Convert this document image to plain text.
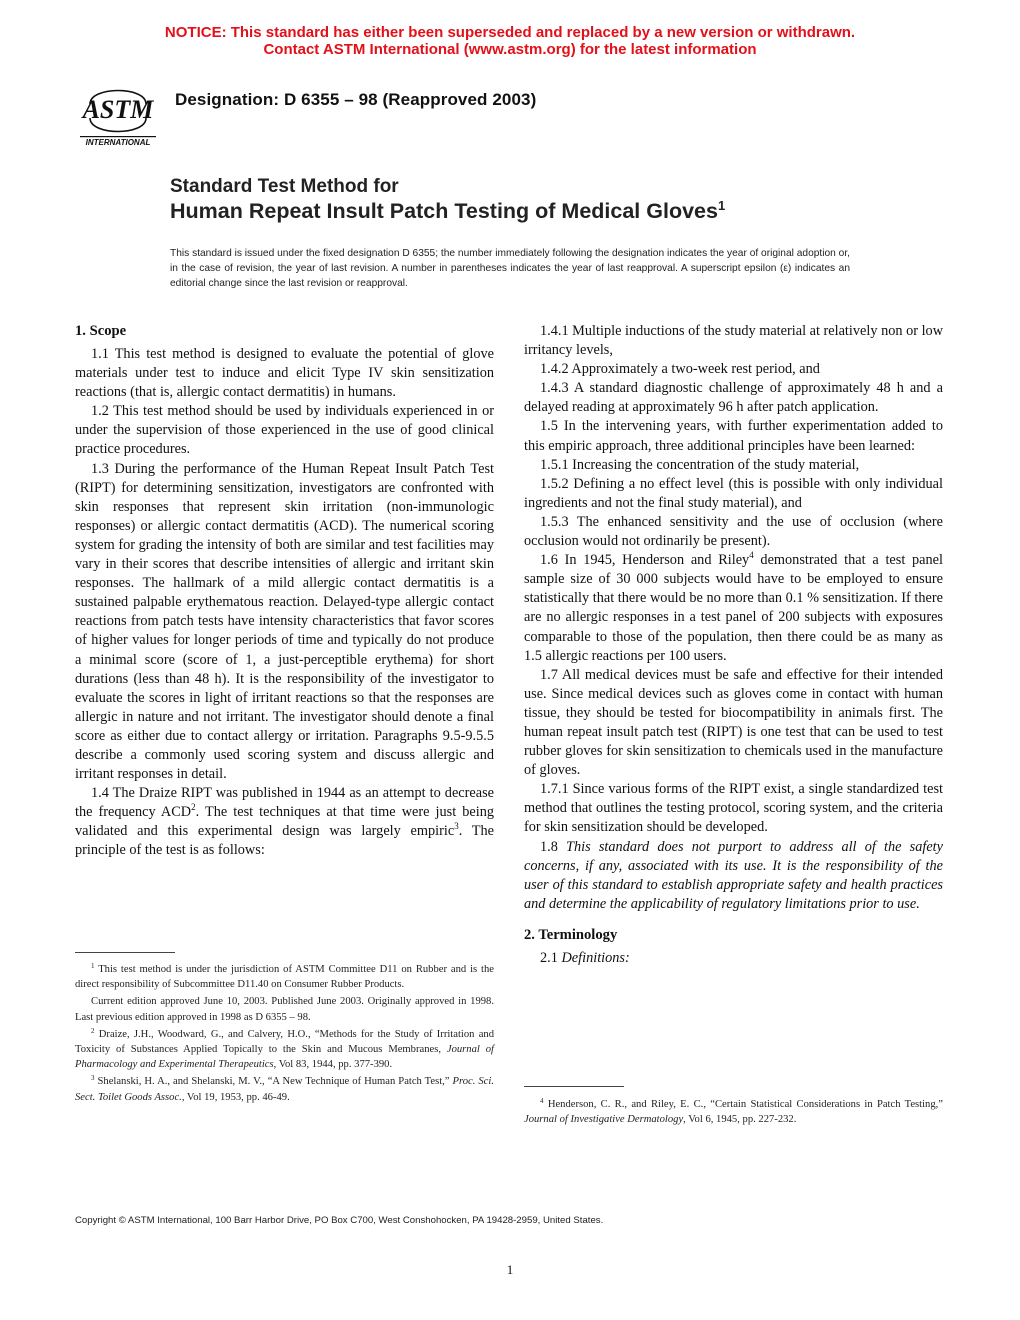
NOTICE: This standard has either been superseded and replaced by a new version or withdrawn.
Contact ASTM International (www.astm.org) for the latest information
ASTM
INTERNATIONAL
Designation: D 6355 – 98 (Reapproved 2003)
Standard Test Method for
Human Repeat Insult Patch Testing of Medical Gloves$^1$
This standard is issued under the fixed designation D 6355; the number immediately following the designation indicates the year of original adoption or, in the case of revision, the year of last revision. A number in parentheses indicates the year of last reapproval. A superscript epsilon (ε) indicates an editorial change since the last revision or reapproval.
1. Scope

1.1 This test method is designed to evaluate the potential of glove materials under test to induce and elicit Type IV skin sensitization reactions (that is, allergic contact dermatitis) in humans.

1.2 This test method should be used by individuals experienced in or under the supervision of those experienced in the use of good clinical practice procedures.

1.3 During the performance of the Human Repeat Insult Patch Test (RIPT) for determining sensitization, investigators are confronted with skin responses that represent skin irritation (non-immunologic responses) or allergic contact dermatitis (ACD). The numerical scoring system for grading the intensity of both are similar and test facilities may vary in their scores that describe intensities of allergic and irritant skin responses. The hallmark of a mild allergic contact dermatitis is a sustained palpable erythematous reaction. Delayed-type allergic contact reactions from patch tests have intensity characteristics that favor scores of higher values for longer periods of time and typically do not produce a minimal score (score of 1, a just-perceptible erythema) for short durations (less than 48 h). It is the responsibility of the investigator to evaluate the scores in light of irritant reactions so that the responses are allergic in nature and not irritant. The investigator should denote a final score as either due to contact allergy or irritation. Paragraphs 9.5-9.5.5 describe a commonly used scoring system and discuss allergic and irritant responses in detail.

1.4 The Draize RIPT was published in 1944 as an attempt to decrease the frequency ACD$^2$. The test techniques at that time were just being validated and this experimental design was largely empiric$^3$. The principle of the test is as follows:

$^1$ This test method is under the jurisdiction of ASTM Committee D11 on Rubber and is the direct responsibility of Subcommittee D11.40 on Consumer Rubber Products.

Current edition approved June 10, 2003. Published June 2003. Originally approved in 1998. Last previous edition approved in 1998 as D 6355 – 98.

$^2$ Draize, J.H., Woodward, G., and Calvery, H.O., “Methods for the Study of Irritation and Toxicity of Substances Applied Topically to the Skin and Mucous Membranes, Journal of Pharmacology and Experimental Therapeutics, Vol 83, 1944, pp. 377-390.

$^3$ Shelanski, H. A., and Shelanski, M. V., “A New Technique of Human Patch Test,” Proc. Sci. Sect. Toilet Goods Assoc., Vol 19, 1953, pp. 46-49.

1.4.1 Multiple inductions of the study material at relatively non or low irritancy levels,

1.4.2 Approximately a two-week rest period, and

1.4.3 A standard diagnostic challenge of approximately 48 h and a delayed reading at approximately 96 h after patch application.

1.5 In the intervening years, with further experimentation added to this empiric approach, three additional principles have been learned:

1.5.1 Increasing the concentration of the study material,

1.5.2 Defining a no effect level (this is possible with only individual ingredients and not the final study material), and

1.5.3 The enhanced sensitivity and the use of occlusion (where occlusion would not ordinarily be present).

1.6 In 1945, Henderson and Riley$^4$ demonstrated that a test panel sample size of 30 000 subjects would have to be employed to ensure statistically that there would be no more than 0.1 % sensitization. If there are no allergic responses in a test panel of 200 subjects with exposures comparable to those of the population, then there could be as many as 1.5 allergic reactions per 100 users.

1.7 All medical devices must be safe and effective for their intended use. Since medical devices such as gloves come in contact with human tissue, they should be tested for biocompatibility in animals first. The human repeat insult patch test (RIPT) is one test that can be used to test rubber gloves for skin sensitization to chemicals used in the manufacture of gloves.

1.7.1 Since various forms of the RIPT exist, a single standardized test method that outlines the testing protocol, scoring system, and the criteria for skin sensitization should be developed.

1.8 This standard does not purport to address all of the safety concerns, if any, associated with its use. It is the responsibility of the user of this standard to establish appropriate safety and health practices and determine the applicability of regulatory limitations prior to use.

2. Terminology

2.1 Definitions:

$^4$ Henderson, C. R., and Riley, E. C., “Certain Statistical Considerations in Patch Testing,” Journal of Investigative Dermatology, Vol 6, 1945, pp. 227-232.

Copyright © ASTM International, 100 Barr Harbor Drive, PO Box C700, West Conshohocken, PA 19428-2959, United States.
1
